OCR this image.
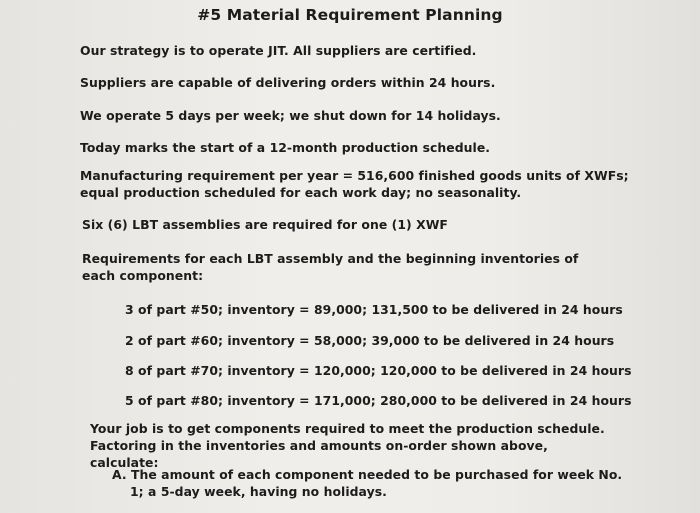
#5 Material Requirement Planning
Our strategy is to operate JIT. All suppliers are certified.
Suppliers are capable of delivering orders within 24 hours.
We operate 5 days per week; we shut down for 14 holidays.
Today marks the start of a 12-month production schedule.
Manufacturing requirement per year = 516,600 finished goods units of XWFs; equal production scheduled for each work day; no seasonality.
Six (6) LBT assemblies are required for one (1) XWF
Requirements for each LBT assembly and the beginning inventories of each component:
3 of part #50; inventory = 89,000; 131,500 to be delivered in 24 hours
2 of part #60; inventory = 58,000; 39,000 to be delivered in 24 hours
8 of part #70; inventory = 120,000; 120,000 to be delivered in 24 hours
5 of part #80; inventory = 171,000; 280,000 to be delivered in 24 hours
Your job is to get components required to meet the production schedule. Factoring in the inventories and amounts on-order shown above, calculate:
A. The amount of each component needed to be purchased for week No. 1; a 5-day week, having no holidays.
